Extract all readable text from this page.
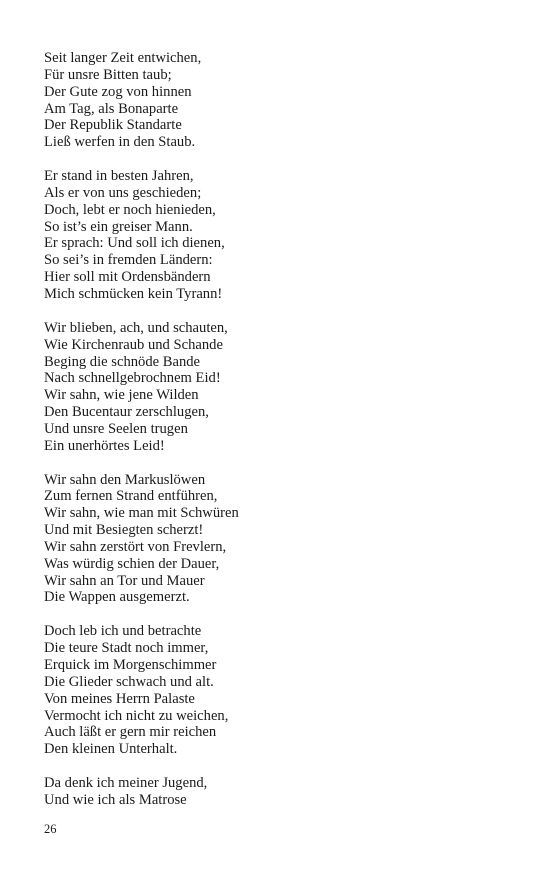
Seit langer Zeit entwichen,
Für unsre Bitten taub;
Der Gute zog von hinnen
Am Tag, als Bonaparte
Der Republik Standarte
Ließ werfen in den Staub.
Er stand in besten Jahren,
Als er von uns geschieden;
Doch, lebt er noch hienieden,
So ist’s ein greiser Mann.
Er sprach: Und soll ich dienen,
So sei’s in fremden Ländern:
Hier soll mit Ordensbändern
Mich schmücken kein Tyrann!
Wir blieben, ach, und schauten,
Wie Kirchenraub und Schande
Beging die schnöde Bande
Nach schnellgebrochnem Eid!
Wir sahn, wie jene Wilden
Den Bucentaur zerschlugen,
Und unsre Seelen trugen
Ein unerhörtes Leid!
Wir sahn den Markuslöwen
Zum fernen Strand entführen,
Wir sahn, wie man mit Schwüren
Und mit Besiegten scherzt!
Wir sahn zerstört von Frevlern,
Was würdig schien der Dauer,
Wir sahn an Tor und Mauer
Die Wappen ausgemerzt.
Doch leb ich und betrachte
Die teure Stadt noch immer,
Erquick im Morgenschimmer
Die Glieder schwach und alt.
Von meines Herrn Palaste
Vermocht ich nicht zu weichen,
Auch läßt er gern mir reichen
Den kleinen Unterhalt.
Da denk ich meiner Jugend,
Und wie ich als Matrose
26
